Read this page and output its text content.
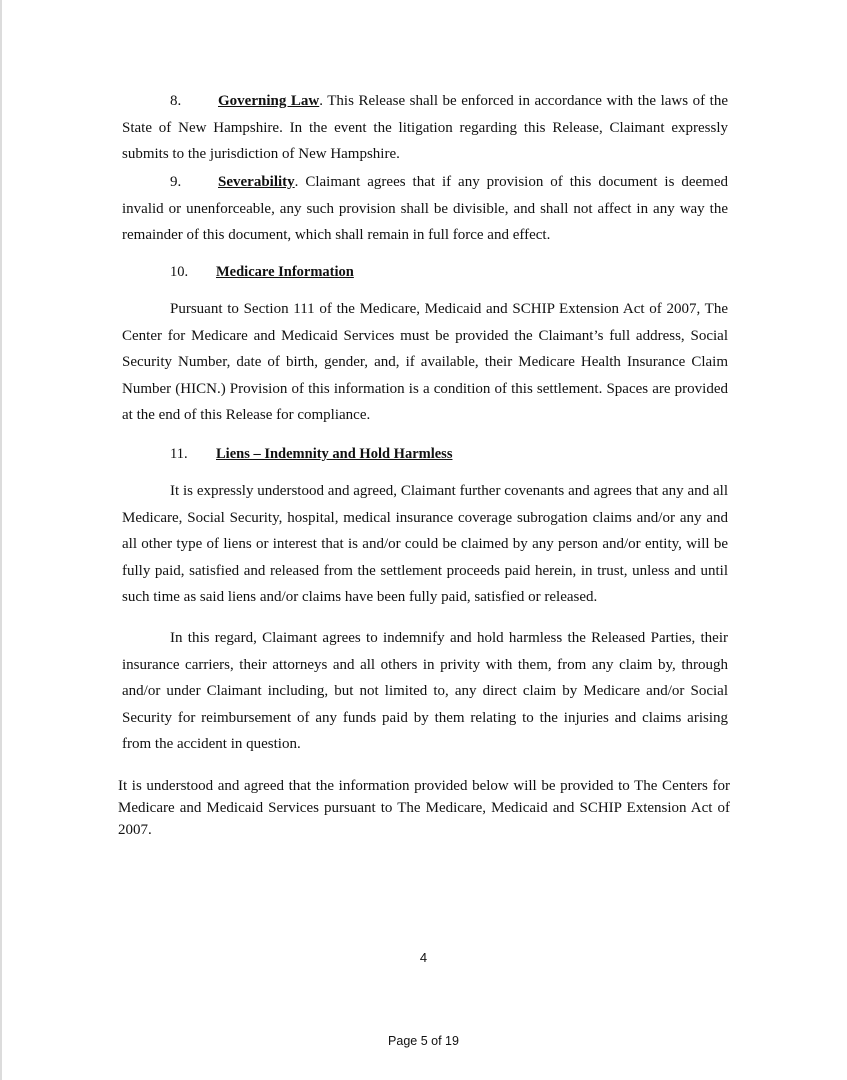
8. Governing Law. This Release shall be enforced in accordance with the laws of the State of New Hampshire. In the event the litigation regarding this Release, Claimant expressly submits to the jurisdiction of New Hampshire.
9. Severability. Claimant agrees that if any provision of this document is deemed invalid or unenforceable, any such provision shall be divisible, and shall not affect in any way the remainder of this document, which shall remain in full force and effect.
10. Medicare Information
Pursuant to Section 111 of the Medicare, Medicaid and SCHIP Extension Act of 2007, The Center for Medicare and Medicaid Services must be provided the Claimant’s full address, Social Security Number, date of birth, gender, and, if available, their Medicare Health Insurance Claim Number (HICN.) Provision of this information is a condition of this settlement. Spaces are provided at the end of this Release for compliance.
11. Liens – Indemnity and Hold Harmless
It is expressly understood and agreed, Claimant further covenants and agrees that any and all Medicare, Social Security, hospital, medical insurance coverage subrogation claims and/or any and all other type of liens or interest that is and/or could be claimed by any person and/or entity, will be fully paid, satisfied and released from the settlement proceeds paid herein, in trust, unless and until such time as said liens and/or claims have been fully paid, satisfied or released.
In this regard, Claimant agrees to indemnify and hold harmless the Released Parties, their insurance carriers, their attorneys and all others in privity with them, from any claim by, through and/or under Claimant including, but not limited to, any direct claim by Medicare and/or Social Security for reimbursement of any funds paid by them relating to the injuries and claims arising from the accident in question.
It is understood and agreed that the information provided below will be provided to The Centers for Medicare and Medicaid Services pursuant to The Medicare, Medicaid and SCHIP Extension Act of 2007.
4
Page 5 of 19
